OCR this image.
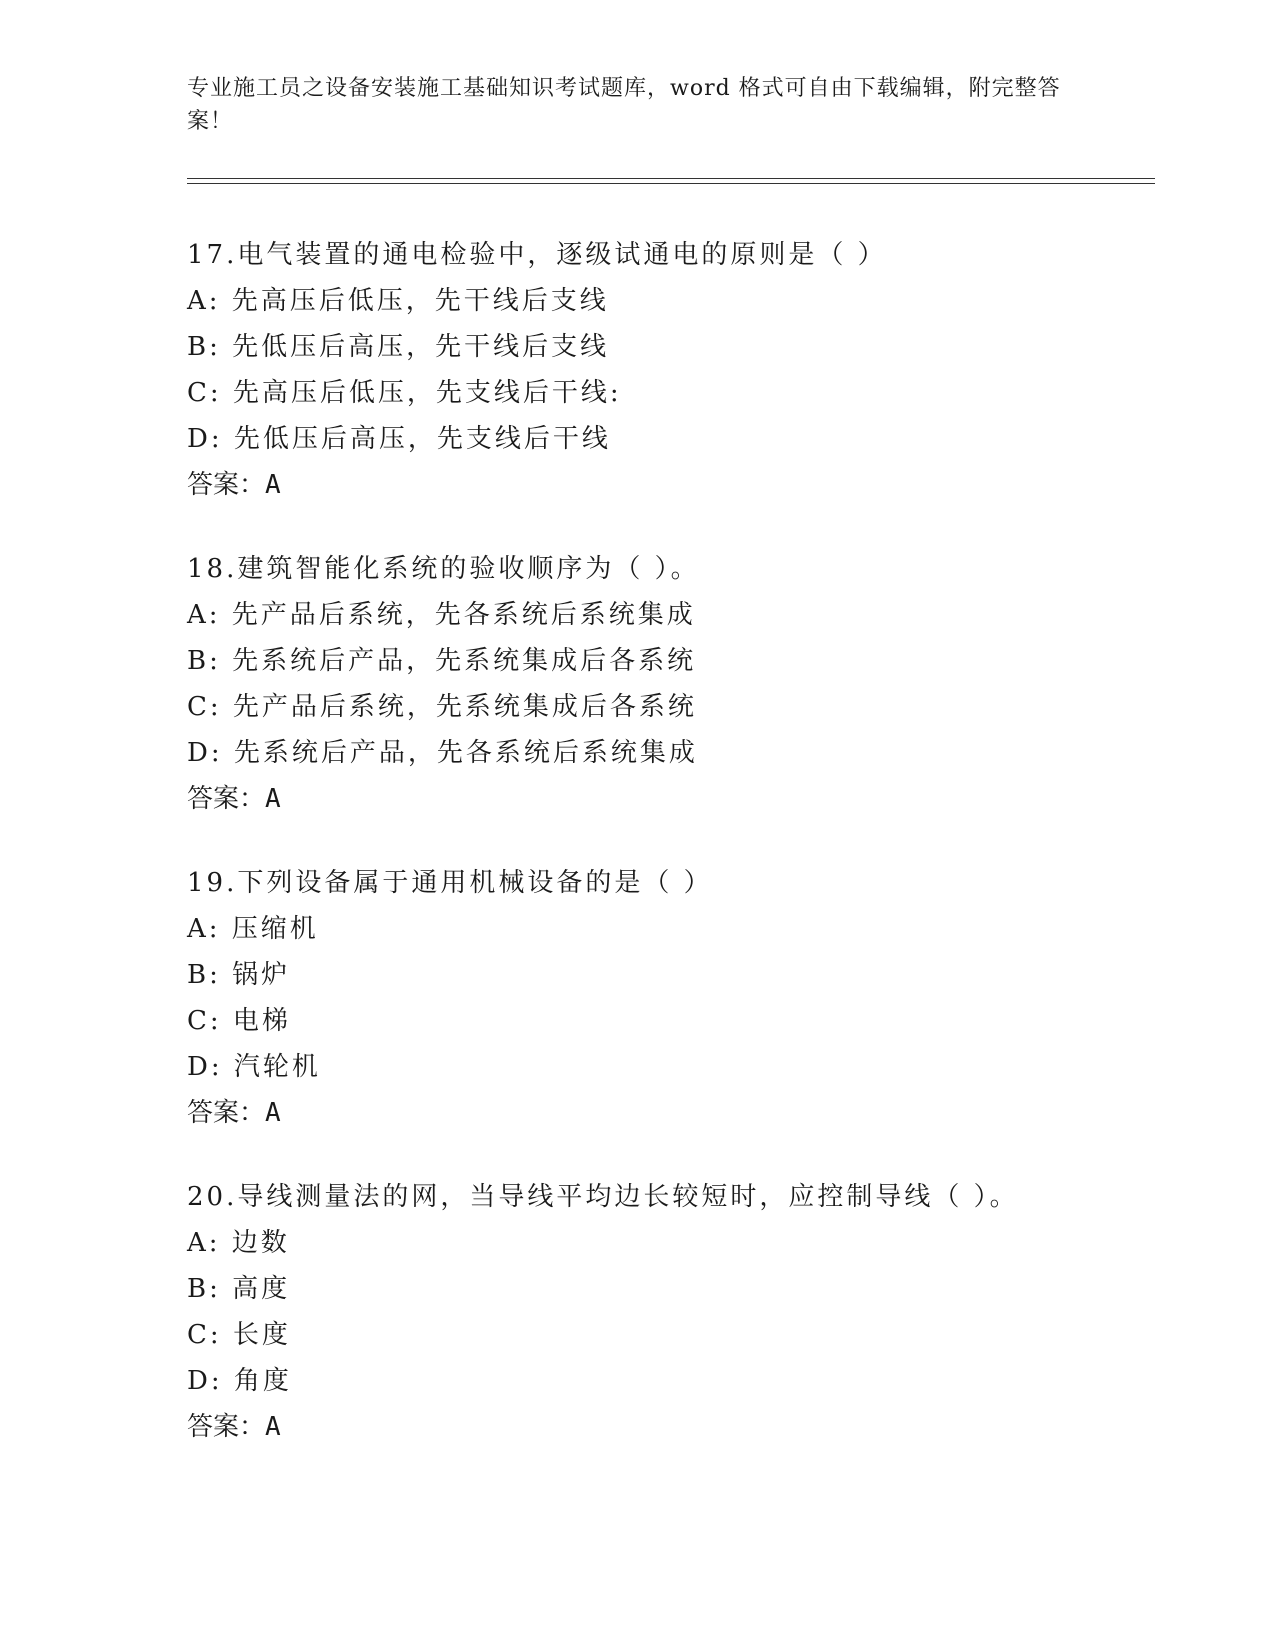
专业施工员之设备安装施工基础知识考试题库，word 格式可自由下载编辑，附完整答案！
17.电气装置的通电检验中，逐级试通电的原则是（ ）
A: 先高压后低压，先干线后支线
B: 先低压后高压，先干线后支线
C: 先高压后低压，先支线后干线:
D: 先低压后高压，先支线后干线
答案：A
18.建筑智能化系统的验收顺序为（ ）。
A: 先产品后系统，先各系统后系统集成
B: 先系统后产品，先系统集成后各系统
C: 先产品后系统，先系统集成后各系统
D: 先系统后产品，先各系统后系统集成
答案：A
19.下列设备属于通用机械设备的是（ ）
A: 压缩机
B: 锅炉
C: 电梯
D: 汽轮机
答案：A
20.导线测量法的网，当导线平均边长较短时，应控制导线（ ）。
A: 边数
B: 高度
C: 长度
D: 角度
答案：A
